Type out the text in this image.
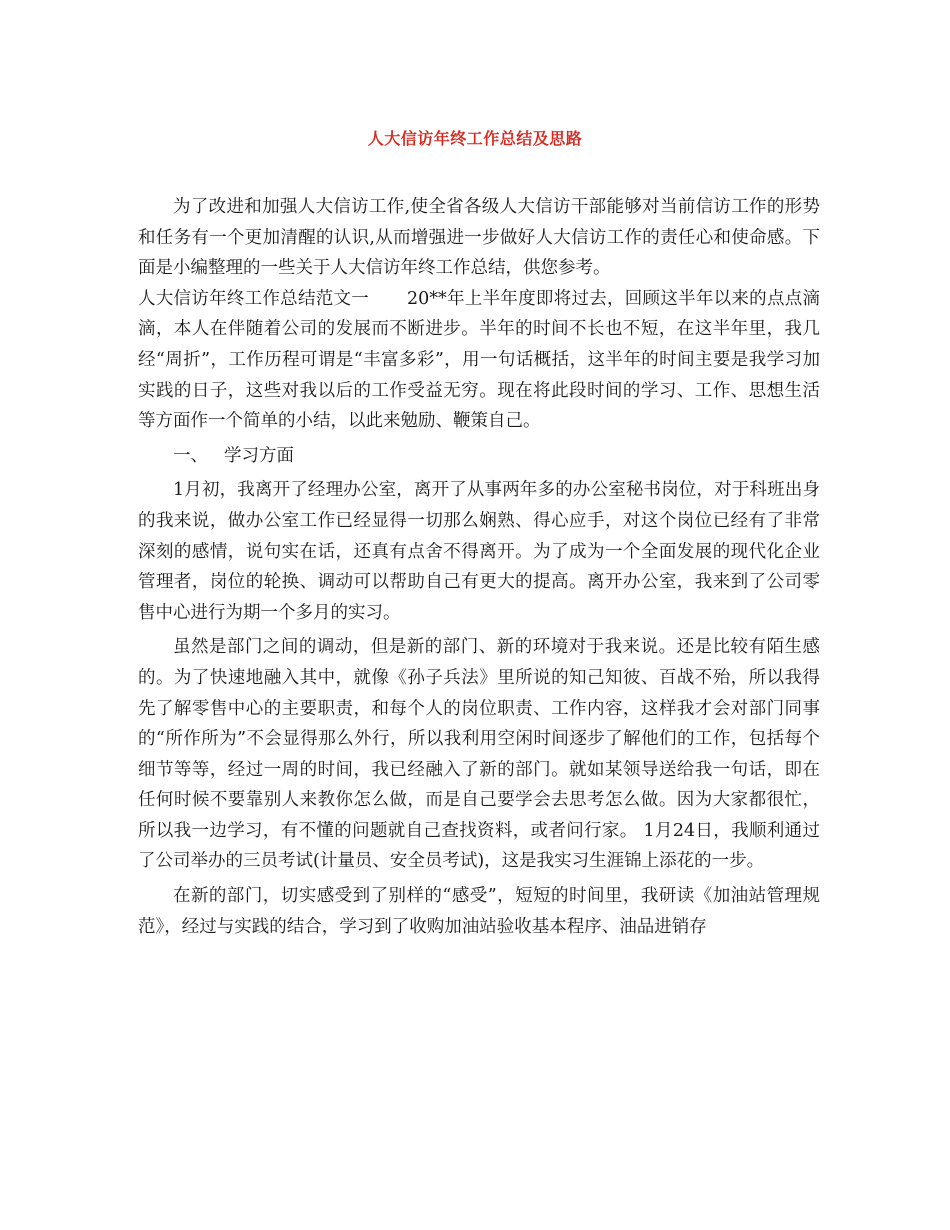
人大信访年终工作总结及思路

为了改进和加强人大信访工作,使全省各级人大信访干部能够对当前信访工作的形势和任务有一个更加清醒的认识,从而增强进一步做好人大信访工作的责任心和使命感。下面是小编整理的一些关于人大信访年终工作总结，供您参考。

人大信访年终工作总结范文一 20**年上半年度即将过去，回顾这半年以来的点点滴滴，本人在伴随着公司的发展而不断进步。半年的时间不长也不短，在这半年里，我几经“周折”，工作历程可谓是“丰富多彩”，用一句话概括，这半年的时间主要是我学习加实践的日子，这些对我以后的工作受益无穷。现在将此段时间的学习、工作、思想生活等方面作一个简单的小结，以此来勉励、鞭策自己。

一、 学习方面

1月初，我离开了经理办公室，离开了从事两年多的办公室秘书岗位，对于科班出身的我来说，做办公室工作已经显得一切那么娴熟、得心应手，对这个岗位已经有了非常深刻的感情，说句实在话，还真有点舍不得离开。为了成为一个全面发展的现代化企业管理者，岗位的轮换、调动可以帮助自己有更大的提高。离开办公室，我来到了公司零售中心进行为期一个多月的实习。

虽然是部门之间的调动，但是新的部门、新的环境对于我来说。还是比较有陌生感的。为了快速地融入其中，就像《孙子兵法》里所说的知己知彼、百战不殆，所以我得先了解零售中心的主要职责，和每个人的岗位职责、工作内容，这样我才会对部门同事的“所作所为”不会显得那么外行，所以我利用空闲时间逐步了解他们的工作，包括每个细节等等，经过一周的时间，我已经融入了新的部门。就如某领导送给我一句话，即在任何时候不要靠别人来教你怎么做，而是自己要学会去思考怎么做。因为大家都很忙，所以我一边学习，有不懂的问题就自己查找资料，或者问行家。 1月24日，我顺利通过了公司举办的三员考试(计量员、安全员考试)，这是我实习生涯锦上添花的一步。

在新的部门，切实感受到了别样的“感受”，短短的时间里，我研读《加油站管理规范》，经过与实践的结合，学习到了收购加油站验收基本程序、油品进销存
